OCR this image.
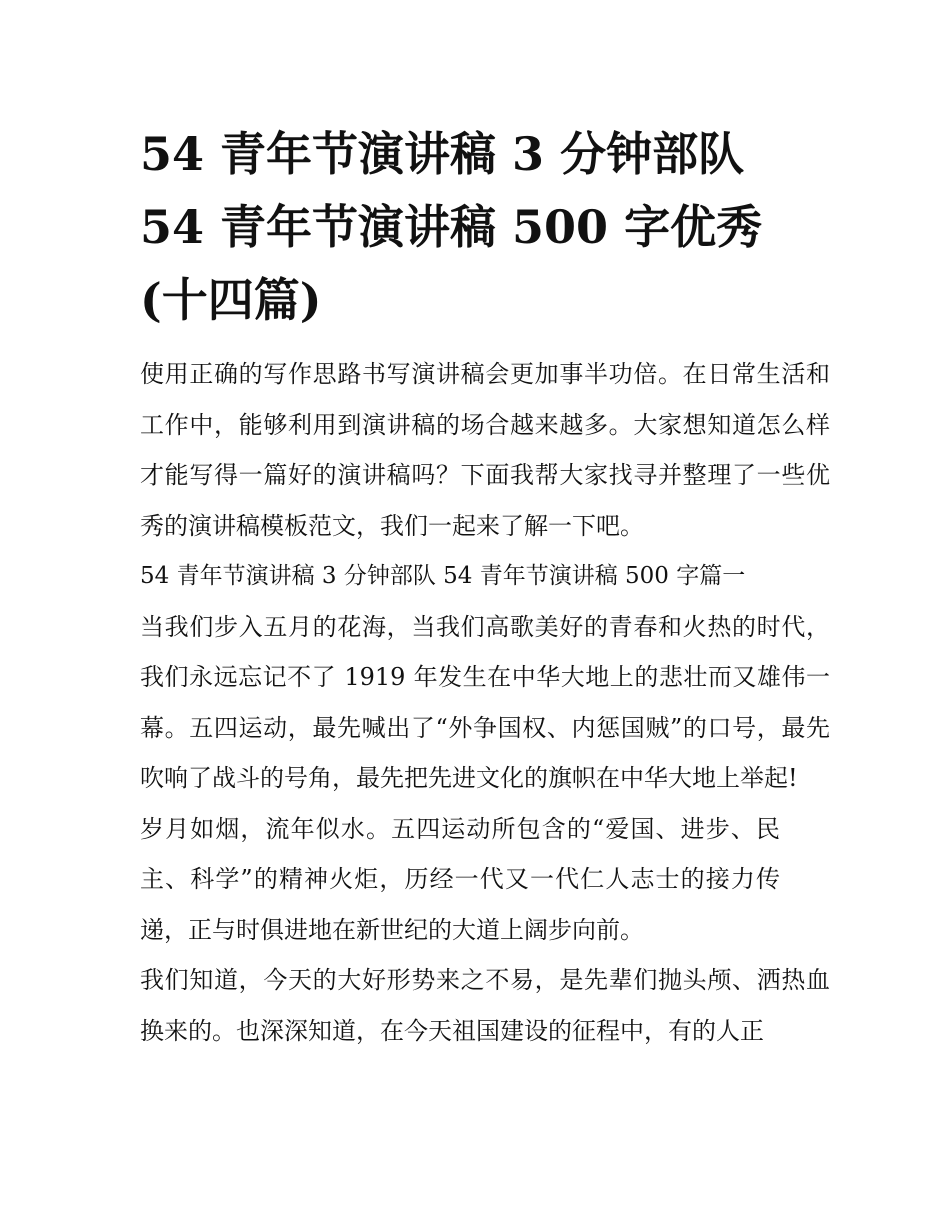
54 青年节演讲稿 3 分钟部队
54 青年节演讲稿 500 字优秀
(十四篇)

使用正确的写作思路书写演讲稿会更加事半功倍。在日常生活和工作中，能够利用到演讲稿的场合越来越多。大家想知道怎么样才能写得一篇好的演讲稿吗？下面我帮大家找寻并整理了一些优秀的演讲稿模板范文，我们一起来了解一下吧。

54 青年节演讲稿 3 分钟部队 54 青年节演讲稿 500 字篇一

当我们步入五月的花海，当我们高歌美好的青春和火热的时代，我们永远忘记不了 1919 年发生在中华大地上的悲壮而又雄伟一幕。五四运动，最先喊出了“外争国权、内惩国贼”的口号，最先吹响了战斗的号角，最先把先进文化的旗帜在中华大地上举起!

岁月如烟，流年似水。五四运动所包含的“爱国、进步、民主、科学”的精神火炬，历经一代又一代仁人志士的接力传递，正与时俱进地在新世纪的大道上阔步向前。

我们知道，今天的大好形势来之不易，是先辈们抛头颅、洒热血换来的。也深深知道，在今天祖国建设的征程中，有的人正
